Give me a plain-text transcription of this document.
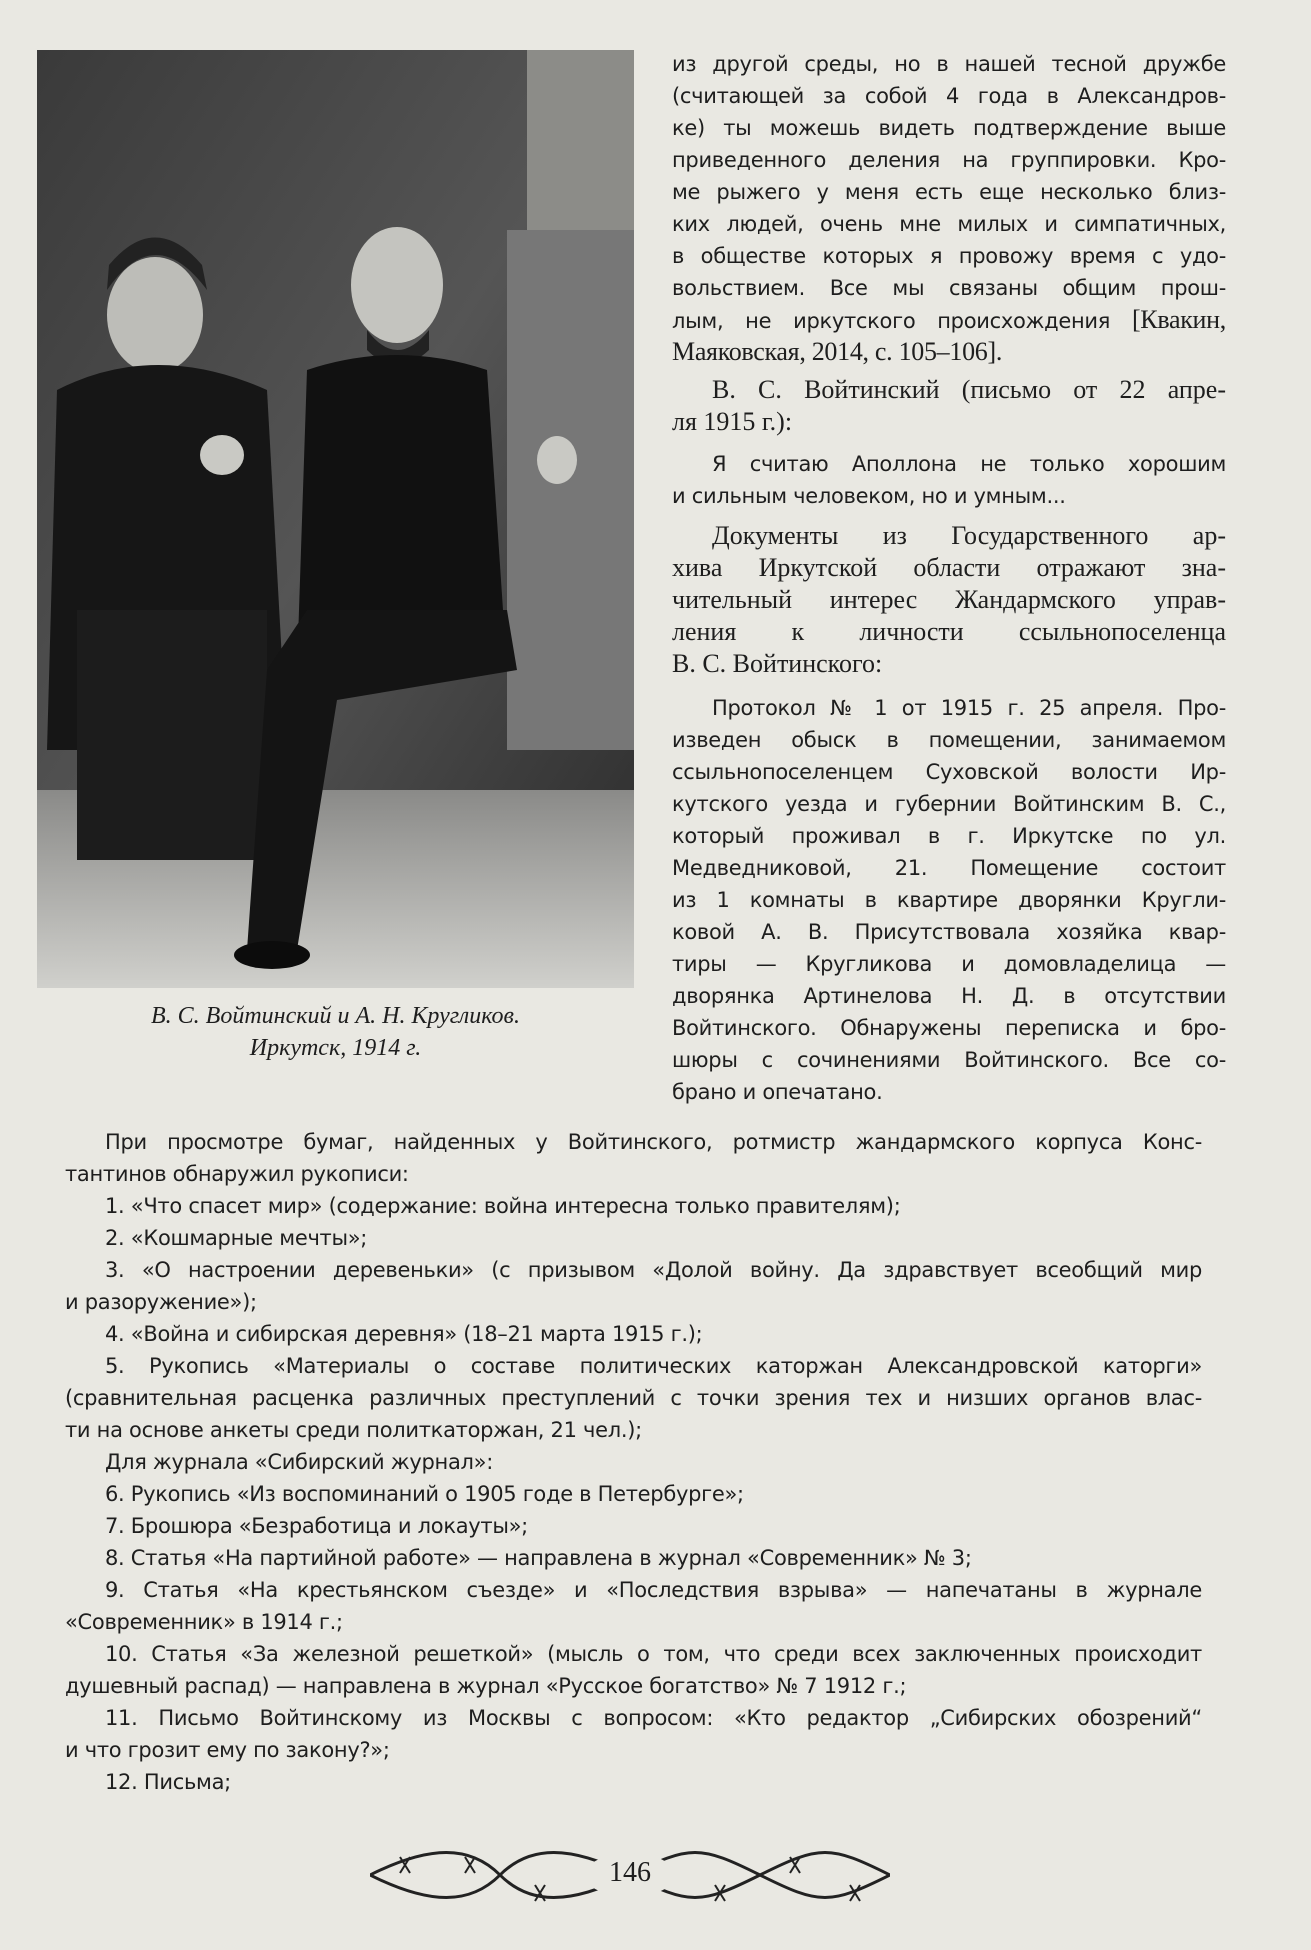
В. С. Войтинский и А. Н. Кругликов.
Иркутск, 1914 г.
из другой среды, но в нашей тесной дружбе
(считающей за собой 4 года в Александров-
ке) ты можешь видеть подтверждение выше
приведенного деления на группировки. Кро-
ме рыжего у меня есть еще несколько близ-
ких людей, очень мне милых и симпатичных,
в обществе которых я провожу время с удо-
вольствием. Все мы связаны общим прош-
лым, не иркутского происхождения [Квакин,
Маяковская, 2014, с. 105–106].
В. С. Войтинский (письмо от 22 апре-
ля 1915 г.):
Я считаю Аполлона не только хорошим
и сильным человеком, но и умным...
Документы из Государственного ар-
хива Иркутской области отражают зна-
чительный интерес Жандармского управ-
ления к личности ссыльнопоселенца
В. С. Войтинского:
Протокол № 1 от 1915 г. 25 апреля. Про-
изведен обыск в помещении, занимаемом
ссыльнопоселенцем Суховской волости Ир-
кутского уезда и губернии Войтинским В. С.,
который проживал в г. Иркутске по ул.
Медведниковой, 21. Помещение состоит
из 1 комнаты в квартире дворянки Кругли-
ковой А. В. Присутствовала хозяйка квар-
тиры — Кругликова и домовладелица —
дворянка Артинелова Н. Д. в отсутствии
Войтинского. Обнаружены переписка и бро-
шюры с сочинениями Войтинского. Все со-
брано и опечатано.
При просмотре бумаг, найденных у Войтинского, ротмистр жандармского корпуса Конс-
тантинов обнаружил рукописи:
1. «Что спасет мир» (содержание: война интересна только правителям);
2. «Кошмарные мечты»;
3. «О настроении деревеньки» (с призывом «Долой войну. Да здравствует всеобщий мир
и разоружение»);
4. «Война и сибирская деревня» (18–21 марта 1915 г.);
5. Рукопись «Материалы о составе политических каторжан Александровской каторги»
(сравнительная расценка различных преступлений с точки зрения тех и низших органов влас-
ти на основе анкеты среди политкаторжан, 21 чел.);
Для журнала «Сибирский журнал»:
6. Рукопись «Из воспоминаний о 1905 годе в Петербурге»;
7. Брошюра «Безработица и локауты»;
8. Статья «На партийной работе» — направлена в журнал «Современник» № 3;
9. Статья «На крестьянском съезде» и «Последствия взрыва» — напечатаны в журнале
«Современник» в 1914 г.;
10. Статья «За железной решеткой» (мысль о том, что среди всех заключенных происходит
душевный распад) — направлена в журнал «Русское богатство» № 7 1912 г.;
11. Письмо Войтинскому из Москвы с вопросом: «Кто редактор „Сибирских обозрений“
и что грозит ему по закону?»;
12. Письма;
146
